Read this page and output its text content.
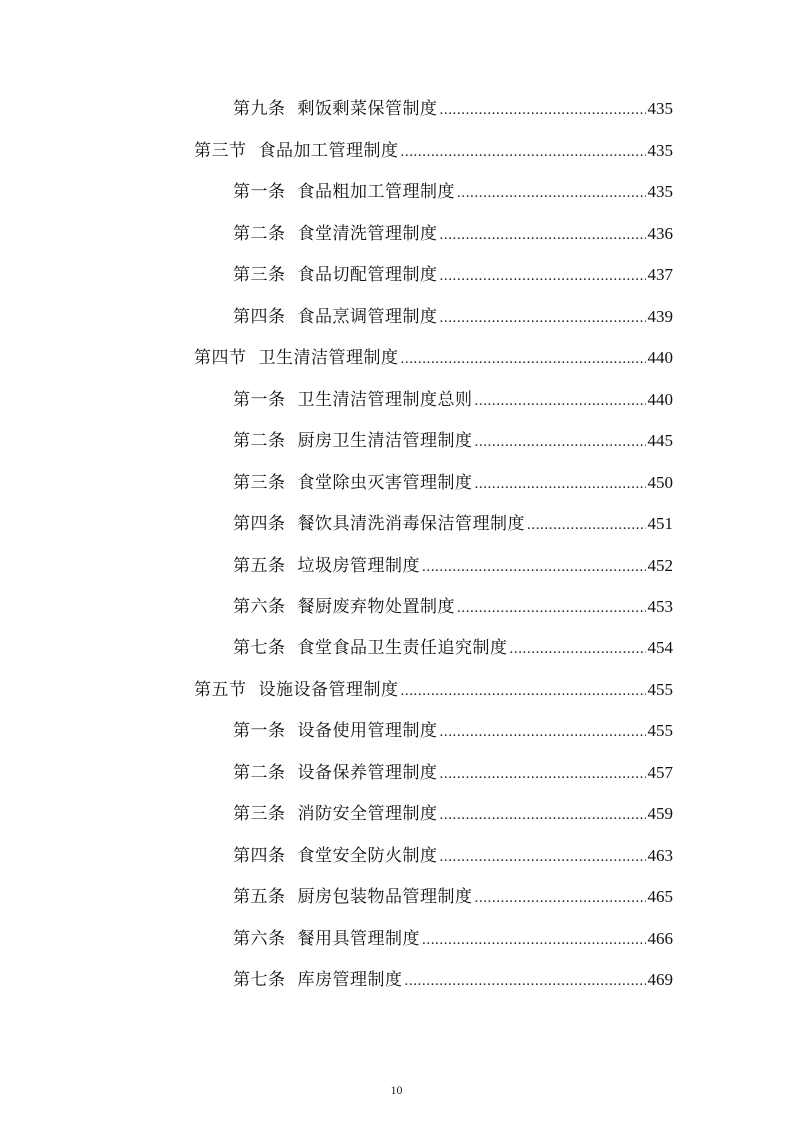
第九条 剩饭剩菜保管制度 .....	435
第三节 食品加工管理制度 .....	435
第一条 食品粗加工管理制度 .....	435
第二条 食堂清洗管理制度 .....	436
第三条 食品切配管理制度 .....	437
第四条 食品烹调管理制度 .....	439
第四节 卫生清洁管理制度 .....	440
第一条 卫生清洁管理制度总则 .....	440
第二条 厨房卫生清洁管理制度 .....	445
第三条 食堂除虫灭害管理制度 .....	450
第四条 餐饮具清洗消毒保洁管理制度 .....	451
第五条 垃圾房管理制度 .....	452
第六条 餐厨废弃物处置制度 .....	453
第七条 食堂食品卫生责任追究制度 .....	454
第五节 设施设备管理制度 .....	455
第一条 设备使用管理制度 .....	455
第二条 设备保养管理制度 .....	457
第三条 消防安全管理制度 .....	459
第四条 食堂安全防火制度 .....	463
第五条 厨房包装物品管理制度 .....	465
第六条 餐用具管理制度 .....	466
第七条 库房管理制度 .....	469
10
